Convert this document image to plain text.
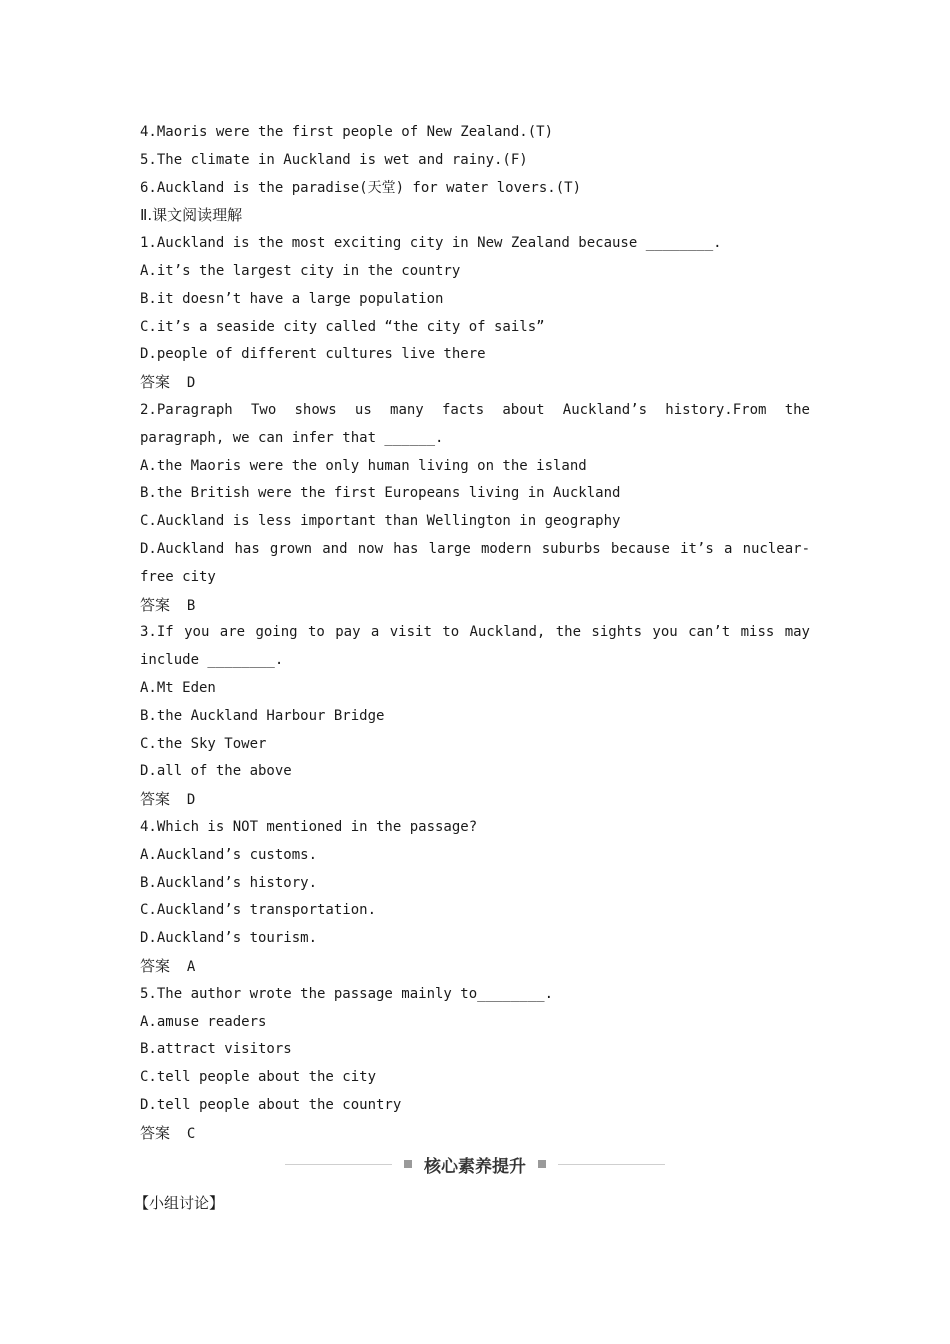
4.Maoris were the first people of New Zealand.(T)
5.The climate in Auckland is wet and rainy.(F)
6.Auckland is the paradise(天堂) for water lovers.(T)
Ⅱ.课文阅读理解
1.Auckland is the most exciting city in New Zealand because ________.
A.it’s the largest city in the country
B.it doesn’t have a large population
C.it’s a seaside city called “the city of sails”
D.people of different cultures live there
答案 D
2.Paragraph Two shows us many facts about Auckland’s history.From the paragraph, we can infer that ______.
A.the Maoris were the only human living on the island
B.the British were the first Europeans living in Auckland
C.Auckland is less important than Wellington in geography
D.Auckland has grown and now has large modern suburbs because it’s a nuclear-free city
答案 B
3.If you are going to pay a visit to Auckland, the sights you can’t miss may include ________.
A.Mt Eden
B.the Auckland Harbour Bridge
C.the Sky Tower
D.all of the above
答案 D
4.Which is NOT mentioned in the passage?
A.Auckland’s customs.
B.Auckland’s history.
C.Auckland’s transportation.
D.Auckland’s tourism.
答案 A
5.The author wrote the passage mainly to________.
A.amuse readers
B.attract visitors
C.tell people about the city
D.tell people about the country
答案 C
核心素养提升
【小组讨论】
